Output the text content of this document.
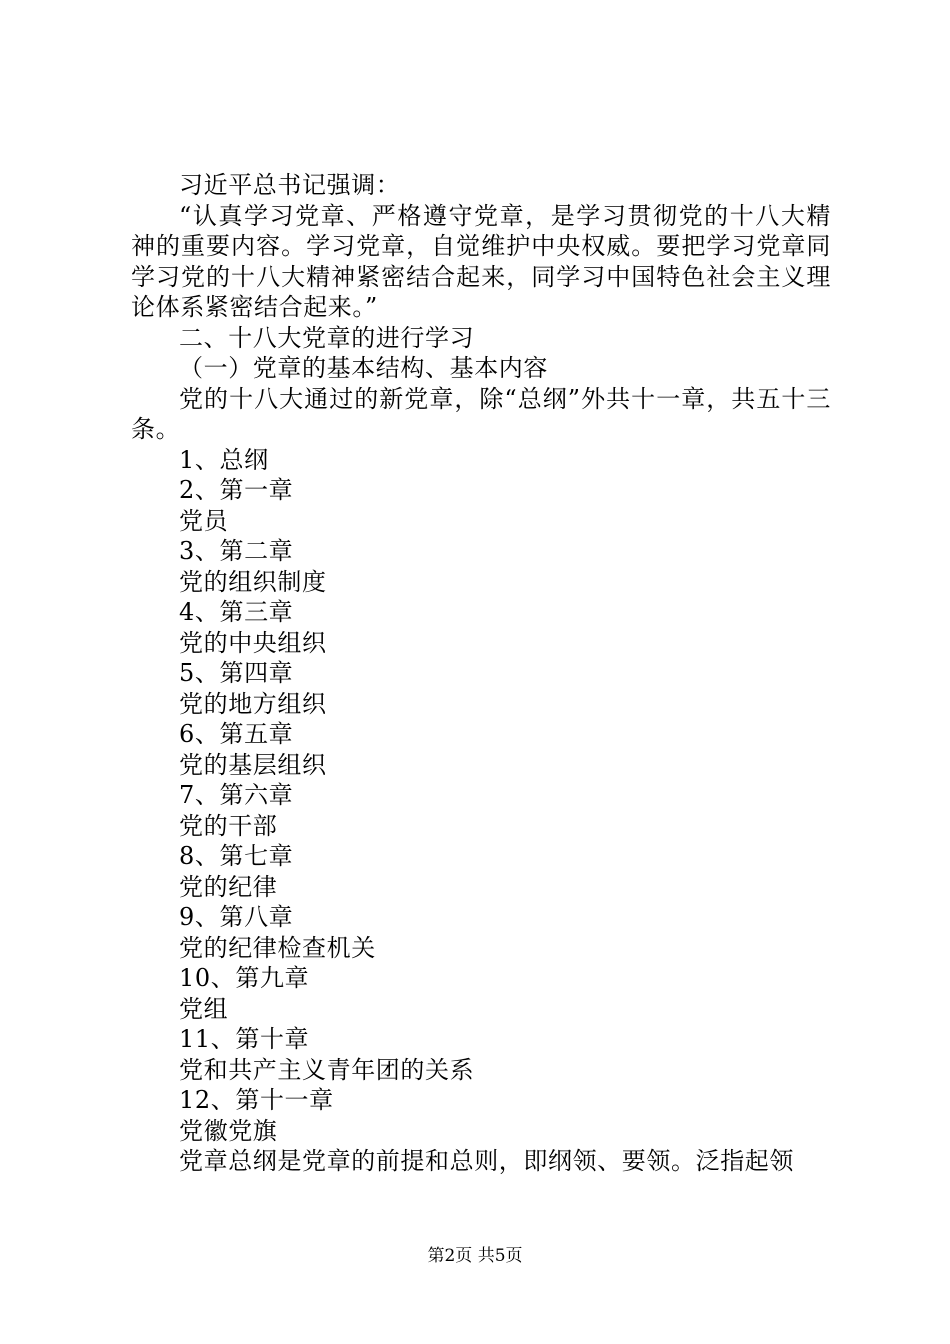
习近平总书记强调：

“认真学习党章、严格遵守党章，是学习贯彻党的十八大精神的重要内容。学习党章，自觉维护中央权威。要把学习党章同学习党的十八大精神紧密结合起来，同学习中国特色社会主义理论体系紧密结合起来。”

二、十八大党章的进行学习

（一）党章的基本结构、基本内容

党的十八大通过的新党章，除“总纲”外共十一章，共五十三条。

1、总纲

2、第一章

党员

3、第二章

党的组织制度

4、第三章

党的中央组织

5、第四章

党的地方组织

6、第五章

党的基层组织

7、第六章

党的干部

8、第七章

党的纪律

9、第八章

党的纪律检查机关

10、第九章

党组

11、第十章

党和共产主义青年团的关系

12、第十一章

党徽党旗

党章总纲是党章的前提和总则，即纲领、要领。泛指起领

第2页 共5页
